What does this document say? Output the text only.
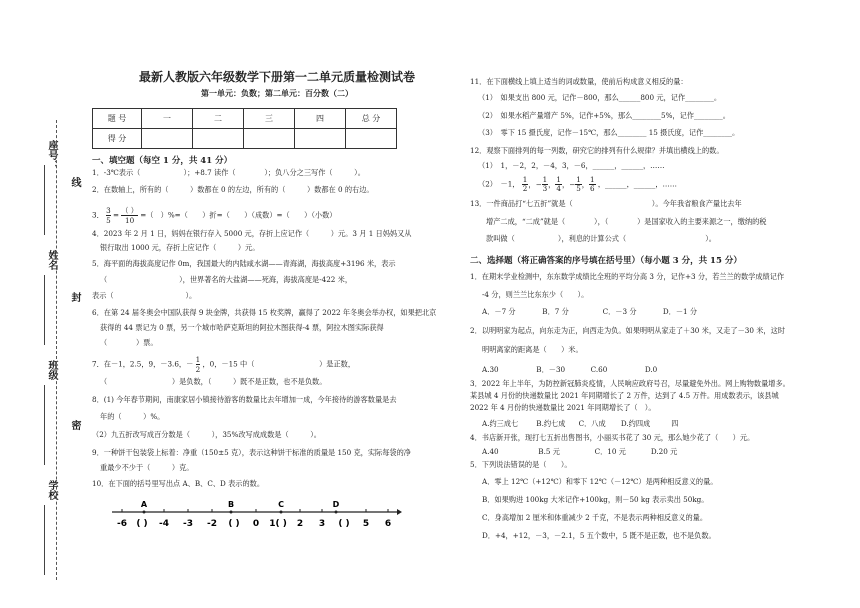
座号：
姓名
班级
学校
线
封
密
最新人教版六年级数学下册第一二单元质量检测试卷
第一单元：负数；第二单元：百分数（二）
题 号	一	二	三	四	总 分
得 分					
一、填空题（每空 1 分，共 41 分）
1．-3℃表示（　　　　　　）；+8.7 读作（　　　　）；负八分之三写作（　　　）。
2．在数轴上，所有的（　　　）数都在 0 的左边，所有的（　　　）数都在 0 的右边。
3． $\frac{3}{5}$ = （ ）
10
=（　）%=（　　）折=（　　）（成数）=（　　）（小数）
4．2023 年 2 月 1 日，妈妈在银行存入 5000 元，存折上应记作（　　　）元。3 月 1 日妈妈又从
银行取出 1000 元，存折上应记作（　　　）元。
5．海平面的海拔高度记作 0m，我国最大的内陆咸水湖——青海湖，海拔高度+3196 米，表示
（　　　　　　　　　　），世界著名的大盐湖——死海，海拔高度是-422 米，
表示（　　　　　　　　　　）。
6．在第 24 届冬奥会中国队获得 9 块金牌，共获得 15 枚奖牌，赢得了 2022 年冬奥会举办权，如果把北京
获得的 44 票记为 0 票，另一个城市哈萨克斯坦的阿拉木图获得-4 票，阿拉木图实际获得
（　　　　）票。
7．在－1，2.5，9，－3.6，－ $\frac{1}{2}$ ，0，－15 中（　　　　　　　　　）是正数，
（　　　　　　　　　）是负数，（　　　）既不是正数，也不是负数。
8．(1) 今年春节期间，南康家居小镇接待游客的数量比去年增加一成，今年接待的游客数量是去
年的（　　　）%。
（2）九五折改写成百分数是（　　　），35%改写成成数是（　　　）。
9．一种饼干包装袋上标着：净重（150±5 克），表示这种饼干标准的质量是 150 克，实际每袋的净
重最少不少于（　　　）克。
10．在下面的括号里写出点 A、B、C、D 表示的数。
A	B	C	D
-6 ( ) -4 -3 -2 ( ) 0 1( ) 2 3 ( ) 5 6
11．在下面横线上填上适当的词或数量，使前后构成意义相反的量：
（1）　如果支出 800 元，记作－800，那么______800 元，记作________。
（2）　如果水稻产量增产 5%，记作+5%，那么________5%，记作________。
（3）　零下 15 摄氏度，记作－15℃，那么________ 15 摄氏度，记作________。
12．观察下面排列的每一列数，研究它的排列有什么规律？并填出横线上的数。
（1）　1，－2，2，－4，3，－6，______，______，……
（2）　－1， $\frac{1}{2}$ ，− $\frac{1}{3}$ ， $\frac{1}{4}$ ，− $\frac{1}{5}$ ， $\frac{1}{6}$ ，______，______，……
13．一件商品打“七五折”就是（　　　　　　　　　　　）。今年我省粮食产量比去年
增产二成，“二成”就是（　　　　），（　　　　）是国家收入的主要来源之一，缴纳的税
款叫做（　　　　　　），利息的计算公式（　　　　　　　　　　　）。
二、选择题（将正确答案的序号填在括号里）（每小题 3 分，共 15 分）
1．在期末学业检测中，东东数学成绩比全班的平均分高 3 分，记作+3 分，若兰兰的数学成绩记作
-4 分，则兰兰比东东少（　　）。
A．－7 分	B．7 分	C．－3 分	D．－1 分
2．以明明家为起点，向东走为正，向西走为负。如果明明从家走了＋30 米，又走了－30 米，这时
明明离家的距离是（　　）米。
A.30	B．－30	C.60	D.0
3．2022 年上半年，为防控新冠肺炎疫情，人民响应政府号召，尽量避免外出。网上购物数量增多。
某县城 4 月份的快递数量比 2021 年同期增长了 2 万件，达到了 4.5 万件。用成数表示，该县城
2022 年 4 月份的快递数量比 2021 年同期增长了（　）。
A.约三成七	B.约七成 C．八成 D.约四成	四
4．书店新开张，现打七五折出售图书，小丽买书花了 30 元，那么她少花了（　　）元。
A.40	B.5 元	C．10 元	D.20 元
5．下列说法错误的是（　　）。
A．零上 12℃（+12℃）和零下 12℃（－12℃）是两种相反意义的量。
B．如果购进 100kg 大米记作+100kg，则－50 kg 表示卖出 50kg。
C．身高增加 2 厘米和体重减少 2 千克，不是表示两种相反意义的量。
D．+4，+12，－3，－2.1，5 五个数中，5 既不是正数，也不是负数。
